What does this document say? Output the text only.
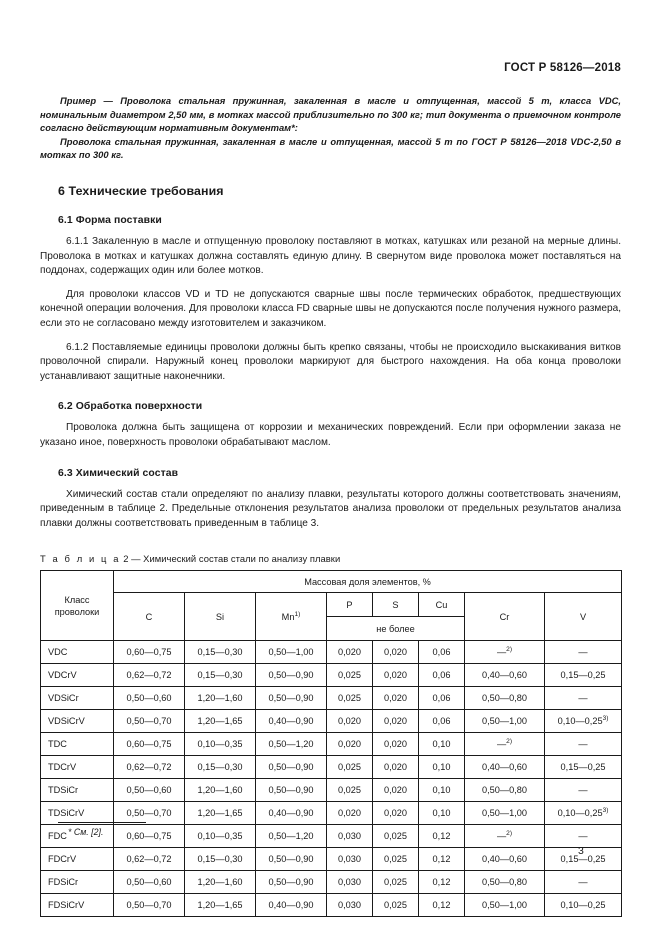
ГОСТ Р 58126—2018

Пример — Проволока стальная пружинная, закаленная в масле и отпущенная, массой 5 т, класса VDC, номинальным диаметром 2,50 мм, в мотках массой приблизительно по 300 кг; тип документа о приемочном контроле согласно действующим нормативным документам*:

Проволока стальная пружинная, закаленная в масле и отпущенная, массой 5 т по ГОСТ Р 58126—2018 VDC-2,50 в мотках по 300 кг.

6 Технические требования
6.1 Форма поставки

6.1.1 Закаленную в масле и отпущенную проволоку поставляют в мотках, катушках или резаной на мерные длины. Проволока в мотках и катушках должна составлять единую длину. В свернутом виде проволока может поставляться на поддонах, содержащих один или более мотков.

Для проволоки классов VD и TD не допускаются сварные швы после термических обработок, предшествующих конечной операции волочения. Для проволоки класса FD сварные швы не допускаются после получения нужного размера, если это не согласовано между изготовителем и заказчиком.

6.1.2 Поставляемые единицы проволоки должны быть крепко связаны, чтобы не происходило выскакивания витков проволочной спирали. Наружный конец проволоки маркируют для быстрого нахождения. На оба конца проволоки устанавливают защитные наконечники.

6.2 Обработка поверхности

Проволока должна быть защищена от коррозии и механических повреждений. Если при оформлении заказа не указано иное, поверхность проволоки обрабатывают маслом.

6.3 Химический состав

Химический состав стали определяют по анализу плавки, результаты которого должны соответствовать значениям, приведенным в таблице 2. Предельные отклонения результатов анализа проволоки от предельных результатов анализа плавки должны соответствовать приведенным в таблице 3.

Т а б л и ц а 2 — Химический состав стали по анализу плавки
Класс
проволоки	Массовая доля элементов, %							
	C	Si	Mn$^{1)}$	P	S	Cu	Cr	V
				не более				
VDC	0,60—0,75	0,15—0,30	0,50—1,00	0,020	0,020	0,06	—$^{2)}$	—
VDCrV	0,62—0,72	0,15—0,30	0,50—0,90	0,025	0,020	0,06	0,40—0,60	0,15—0,25
VDSiCr	0,50—0,60	1,20—1,60	0,50—0,90	0,025	0,020	0,06	0,50—0,80	—
VDSiCrV	0,50—0,70	1,20—1,65	0,40—0,90	0,020	0,020	0,06	0,50—1,00	0,10—0,25$^{3)}$
TDC	0,60—0,75	0,10—0,35	0,50—1,20	0,020	0,020	0,10	—$^{2)}$	—
TDCrV	0,62—0,72	0,15—0,30	0,50—0,90	0,025	0,020	0,10	0,40—0,60	0,15—0,25
TDSiCr	0,50—0,60	1,20—1,60	0,50—0,90	0,025	0,020	0,10	0,50—0,80	—
TDSiCrV	0,50—0,70	1,20—1,65	0,40—0,90	0,020	0,020	0,10	0,50—1,00	0,10—0,25$^{3)}$
FDC	0,60—0,75	0,10—0,35	0,50—1,20	0,030	0,025	0,12	—$^{2)}$	—
FDCrV	0,62—0,72	0,15—0,30	0,50—0,90	0,030	0,025	0,12	0,40—0,60	0,15—0,25
FDSiCr	0,50—0,60	1,20—1,60	0,50—0,90	0,030	0,025	0,12	0,50—0,80	—
FDSiCrV	0,50—0,70	1,20—1,65	0,40—0,90	0,030	0,025	0,12	0,50—1,00	0,10—0,25
* См. [2].
3
